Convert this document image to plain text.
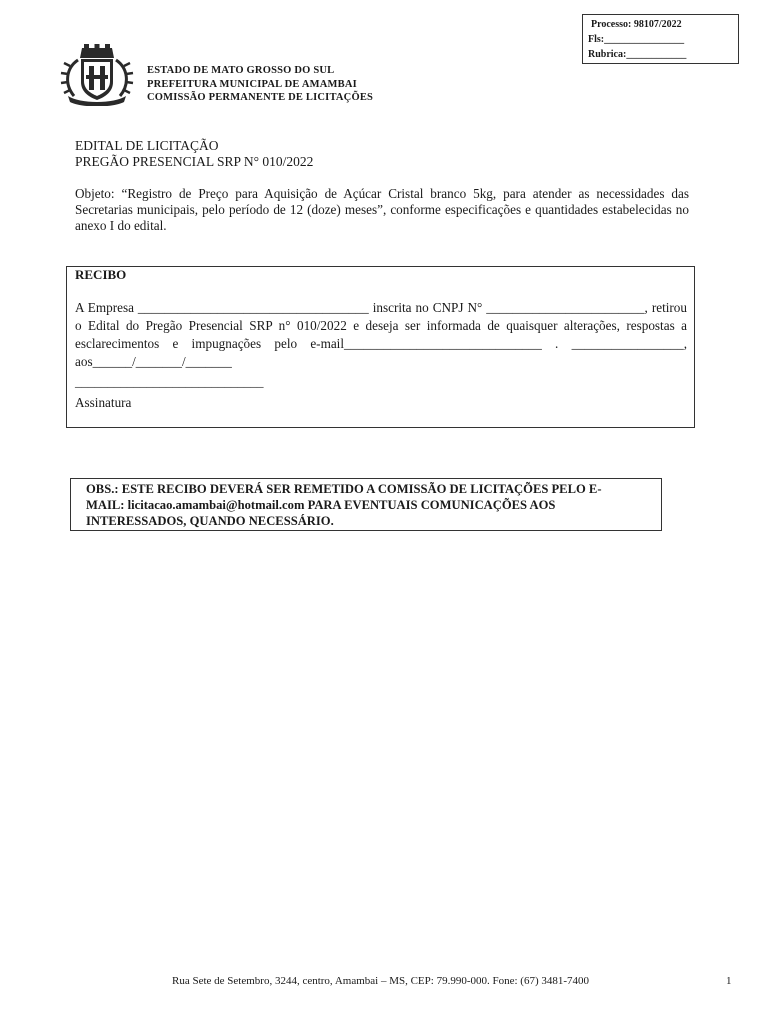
Processo: 98107/2022
Fls:________________
Rubrica:____________
ESTADO DE MATO GROSSO DO SUL
PREFEITURA MUNICIPAL DE AMAMBAI
COMISSÃO PERMANENTE DE LICITAÇÕES
EDITAL DE LICITAÇÃO
PREGÃO PRESENCIAL SRP N° 010/2022
Objeto: “Registro de Preço para Aquisição de Açúcar Cristal branco 5kg, para atender as necessidades das Secretarias municipais, pelo período de 12 (doze) meses”, conforme especificações e quantidades estabelecidas no anexo I do edital.
RECIBO
A Empresa ___________________________________ inscrita no CNPJ N° ________________________, retirou o Edital do Pregão Presencial SRP n° 010/2022 e deseja ser informada de quaisquer alterações, respostas a esclarecimentos e impugnações pelo e-mail______________________________ . _________________, aos______/_______/_______
_____________________________
Assinatura
OBS.: ESTE RECIBO DEVERÁ SER REMETIDO A COMISSÃO DE LICITAÇÕES PELO E-
MAIL: licitacao.amambai@hotmail.com PARA EVENTUAIS COMUNICAÇÕES AOS
INTERESSADOS, QUANDO NECESSÁRIO.
Rua Sete de Setembro, 3244, centro, Amambai – MS, CEP: 79.990-000. Fone: (67) 3481-7400	1
